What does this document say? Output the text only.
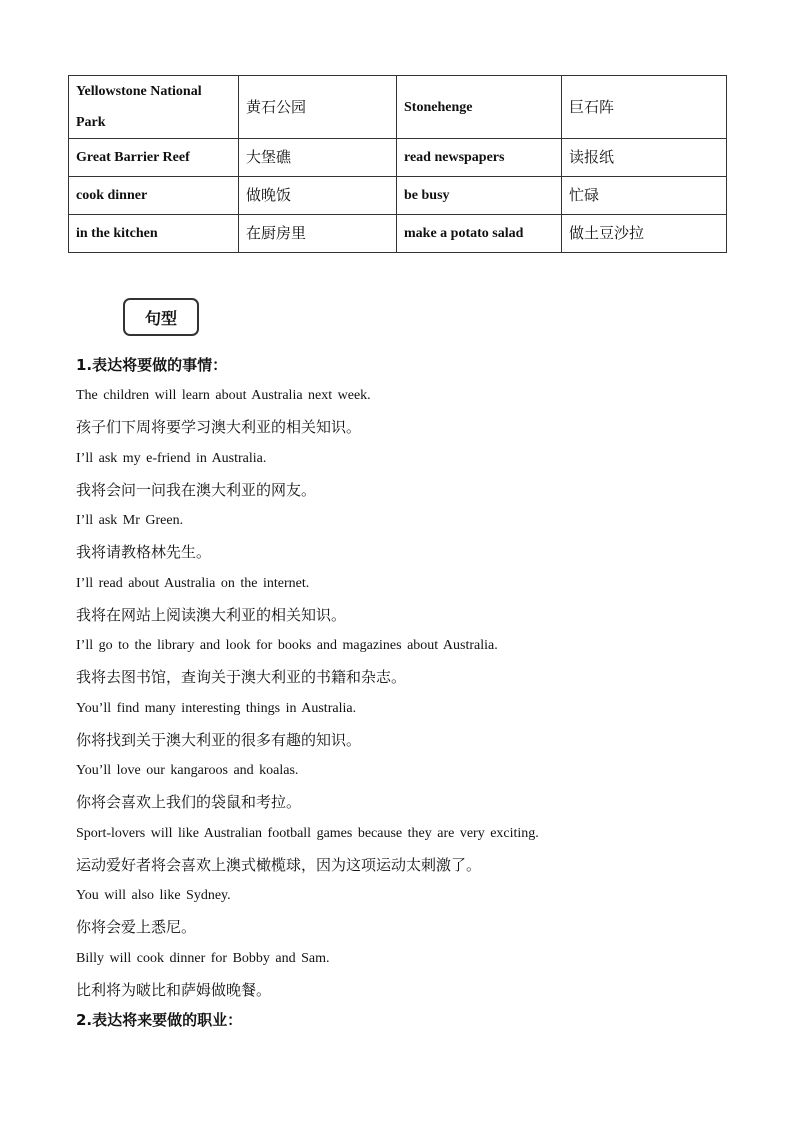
Yellowstone National Park	黄石公园	Stonehenge	巨石阵
Great Barrier Reef	大堡礁	read newspapers	读报纸
cook dinner	做晚饭	be busy	忙碌
in the kitchen	在厨房里	make a potato salad	做土豆沙拉
句型
1.表达将要做的事情：
The children will learn about Australia next week.
孩子们下周将要学习澳大利亚的相关知识。
I’ll ask my e-friend in Australia.
我将会问一问我在澳大利亚的网友。
I’ll ask Mr Green.
我将请教格林先生。
I’ll read about Australia on the internet.
我将在网站上阅读澳大利亚的相关知识。
I’ll go to the library and look for books and magazines about Australia.
我将去图书馆，查询关于澳大利亚的书籍和杂志。
You’ll find many interesting things in Australia.
你将找到关于澳大利亚的很多有趣的知识。
You’ll love our kangaroos and koalas.
你将会喜欢上我们的袋鼠和考拉。
Sport-lovers will like Australian football games because they are very exciting.
运动爱好者将会喜欢上澳式橄榄球，因为这项运动太刺激了。
You will also like Sydney.
你将会爱上悉尼。
Billy will cook dinner for Bobby and Sam.
比利将为啵比和萨姆做晚餐。
2.表达将来要做的职业：
